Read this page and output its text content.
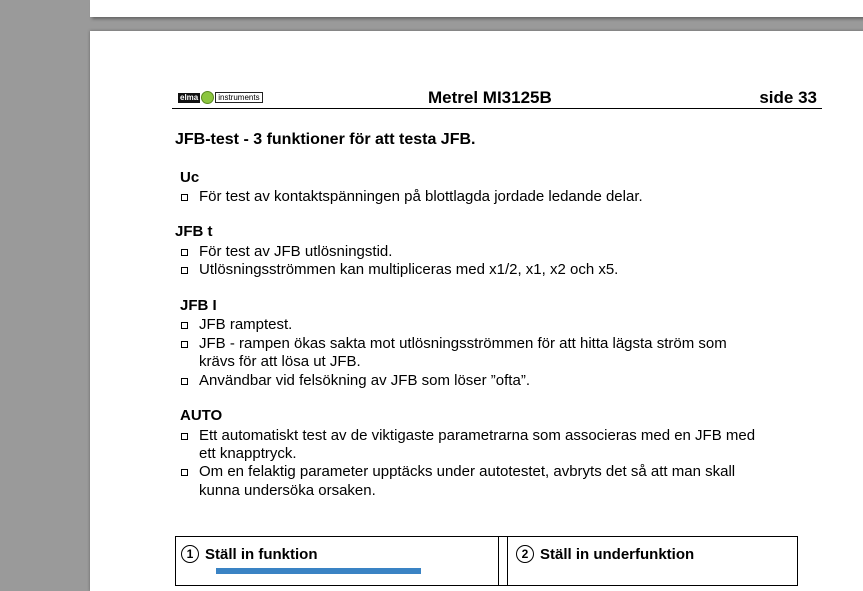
elma	instruments	Metrel MI3125B	side 33
JFB-test - 3 funktioner för att testa JFB.
Uc
För test av kontaktspänningen på blottlagda jordade ledande delar.
JFB t
För test av JFB utlösningstid.
Utlösningsströmmen kan multipliceras med x1/2, x1, x2 och x5.
JFB I
JFB ramptest.
JFB - rampen ökas sakta mot utlösningsströmmen för att hitta lägsta ström som
krävs för att lösa ut JFB.
Användbar vid felsökning av JFB som löser ”ofta”.
AUTO
Ett automatiskt test av de viktigaste parametrarna som associeras med en JFB med
ett knapptryck.
Om en felaktig parameter upptäcks under autotestet, avbryts det så att man skall
kunna undersöka orsaken.
1 Ställ in funktion	2 Ställ in underfunktion
